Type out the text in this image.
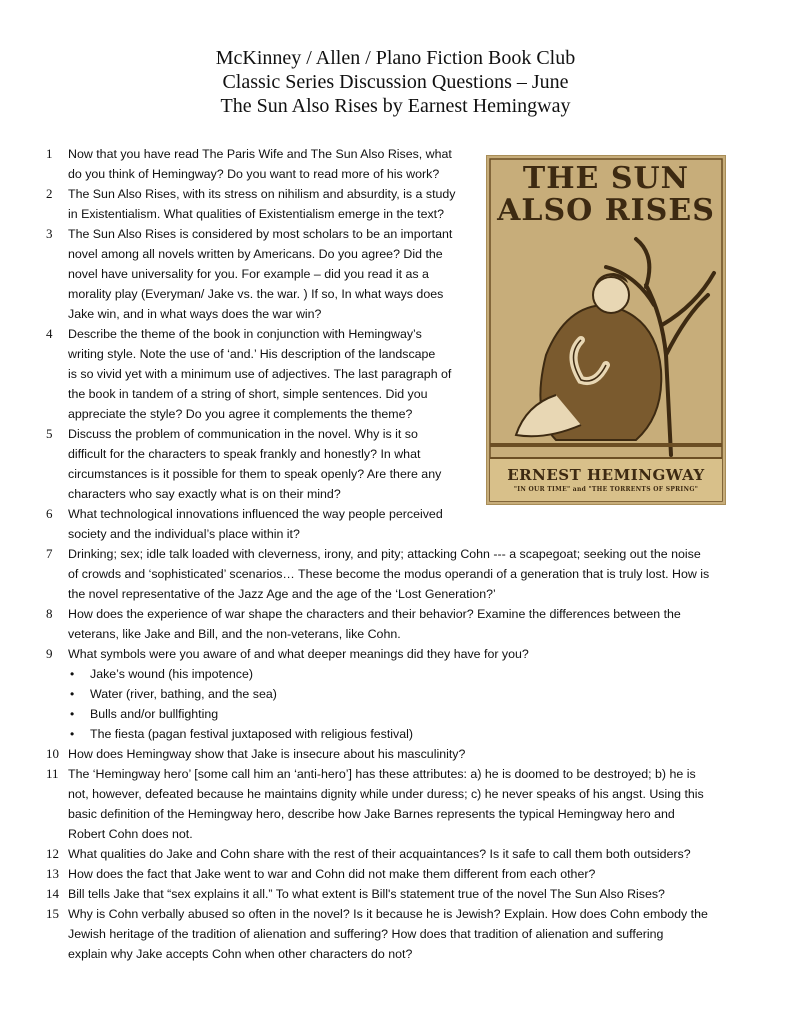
McKinney / Allen / Plano Fiction Book Club
Classic Series Discussion Questions – June
The Sun Also Rises by Earnest Hemingway
THE SUN
ALSO RISES
ERNEST HEMINGWAY
"IN OUR TIME" and "THE TORRENTS OF SPRING"
1 Now that you have read The Paris Wife and The Sun Also Rises, what
do you think of Hemingway? Do you want to read more of his work?
2 The Sun Also Rises, with its stress on nihilism and absurdity, is a study
in Existentialism. What qualities of Existentialism emerge in the text?
3 The Sun Also Rises is considered by most scholars to be an important
novel among all novels written by Americans. Do you agree? Did the
novel have universality for you. For example – did you read it as a
morality play (Everyman/ Jake vs. the war. ) If so, In what ways does
Jake win, and in what ways does the war win?
4 Describe the theme of the book in conjunction with Hemingway’s
writing style. Note the use of ‘and.’ His description of the landscape
is so vivid yet with a minimum use of adjectives. The last paragraph of
the book in tandem of a string of short, simple sentences. Did you
appreciate the style? Do you agree it complements the theme?
5 Discuss the problem of communication in the novel. Why is it so
difficult for the characters to speak frankly and honestly? In what
circumstances is it possible for them to speak openly? Are there any
characters who say exactly what is on their mind?
6 What technological innovations influenced the way people perceived
society and the individual’s place within it?
7 Drinking; sex; idle talk loaded with cleverness, irony, and pity; attacking Cohn --- a scapegoat; seeking out the noise
of crowds and ‘sophisticated’ scenarios… These become the modus operandi of a generation that is truly lost. How is
the novel representative of the Jazz Age and the age of the ‘Lost Generation?’
8 How does the experience of war shape the characters and their behavior? Examine the differences between the
veterans, like Jake and Bill, and the non-veterans, like Cohn.
9 What symbols were you aware of and what deeper meanings did they have for you?
• Jake’s wound (his impotence)
• Water (river, bathing, and the sea)
• Bulls and/or bullfighting
• The fiesta (pagan festival juxtaposed with religious festival)
10 How does Hemingway show that Jake is insecure about his masculinity?
11 The ‘Hemingway hero’ [some call him an ‘anti-hero’] has these attributes: a) he is doomed to be destroyed; b) he is
not, however, defeated because he maintains dignity while under duress; c) he never speaks of his angst. Using this
basic definition of the Hemingway hero, describe how Jake Barnes represents the typical Hemingway hero and
Robert Cohn does not.
12 What qualities do Jake and Cohn share with the rest of their acquaintances? Is it safe to call them both outsiders?
13 How does the fact that Jake went to war and Cohn did not make them different from each other?
14 Bill tells Jake that “sex explains it all.” To what extent is Bill's statement true of the novel The Sun Also Rises?
15 Why is Cohn verbally abused so often in the novel? Is it because he is Jewish? Explain. How does Cohn embody the
Jewish heritage of the tradition of alienation and suffering? How does that tradition of alienation and suffering
explain why Jake accepts Cohn when other characters do not?
